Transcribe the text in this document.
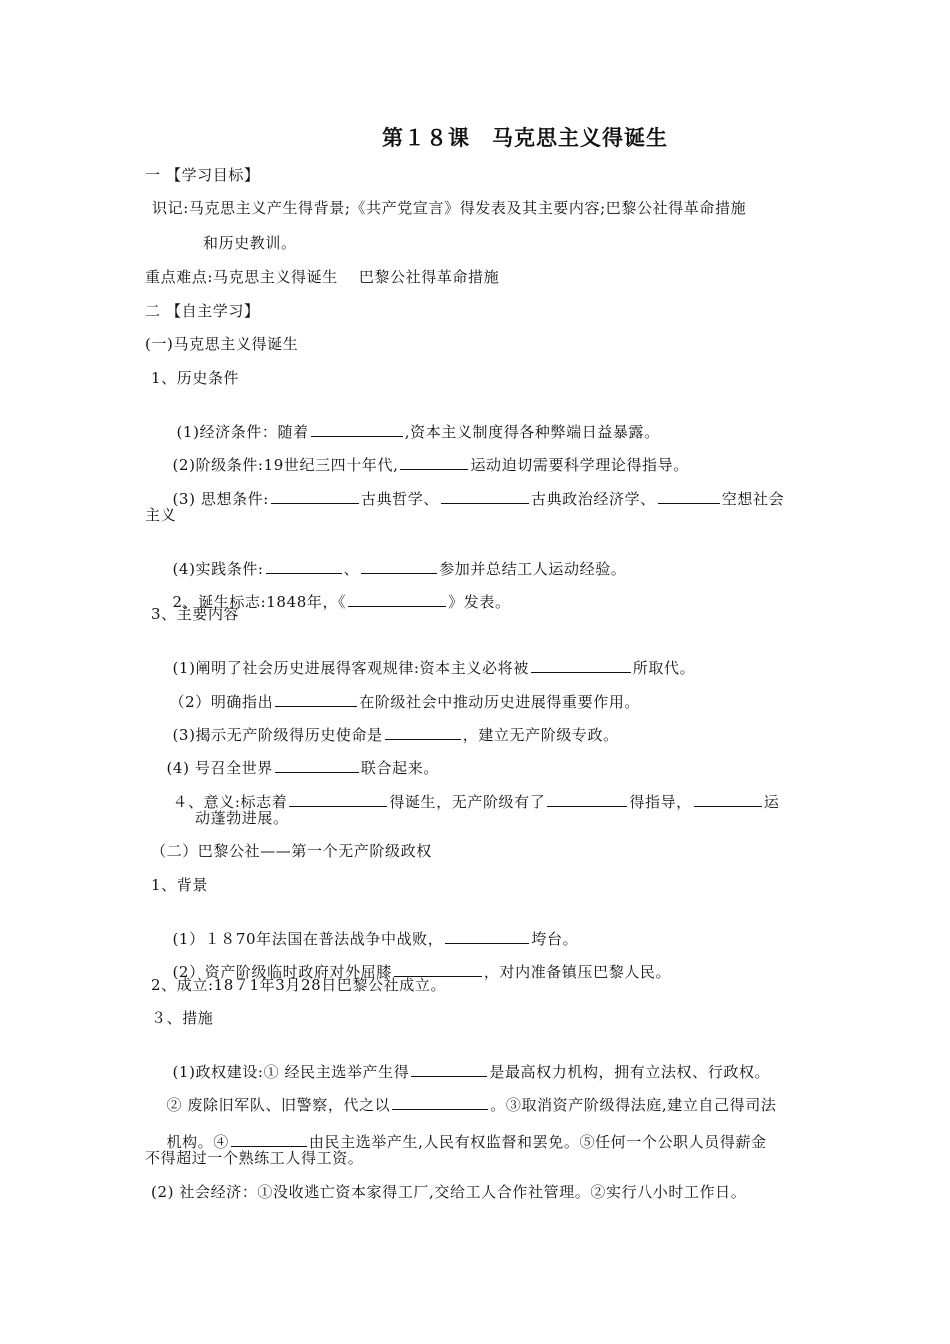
第１８课　马克思主义得诞生
一 【学习目标】
识记:马克思主义产生得背景;《共产党宣言》得发表及其主要内容;巴黎公社得革命措施
和历史教训。
重点难点:马克思主义得诞生　 巴黎公社得革命措施
二 【自主学习】
(一)马克思主义得诞生
1、历史条件

(1)经济条件：随着	,资本主义制度得各种弊端日益暴露。

(2)阶级条件:19世纪三四十年代,	运动迫切需要科学理论得指导。

(3) 思想条件:	古典哲学、	古典政治经济学、	空想社会

主义

(4)实践条件:	、	参加并总结工人运动经验。

2、诞生标志:1848年，《	》发表。

3、主要内容

(1)阐明了社会历史进展得客观规律:资本主义必将被	所取代。

（2）明确指出	在阶级社会中推动历史进展得重要作用。

(3)揭示无产阶级得历史使命是	，建立无产阶级专政。

(4) 号召全世界	联合起来。

４、意义:标志着	得诞生，无产阶级有了	得指导，	运

动蓬勃进展。
（二）巴黎公社——第一个无产阶级政权
1、背景

(1）１８70年法国在普法战争中战败，	垮台。

(2）资产阶级临时政府对外屈膝	，对内准备镇压巴黎人民。

2、成立:18７1年3月28日巴黎公社成立。
３、措施

(1)政权建设:① 经民主选举产生得	是最高权力机构，拥有立法权、行政权。

② 废除旧军队、旧警察，代之以	。③取消资产阶级得法庭,建立自己得司法

机构。④	由民主选举产生,人民有权监督和罢免。⑤任何一个公职人员得薪金

不得超过一个熟练工人得工资。
(2) 社会经济：①没收逃亡资本家得工厂,交给工人合作社管理。②实行八小时工作日。
